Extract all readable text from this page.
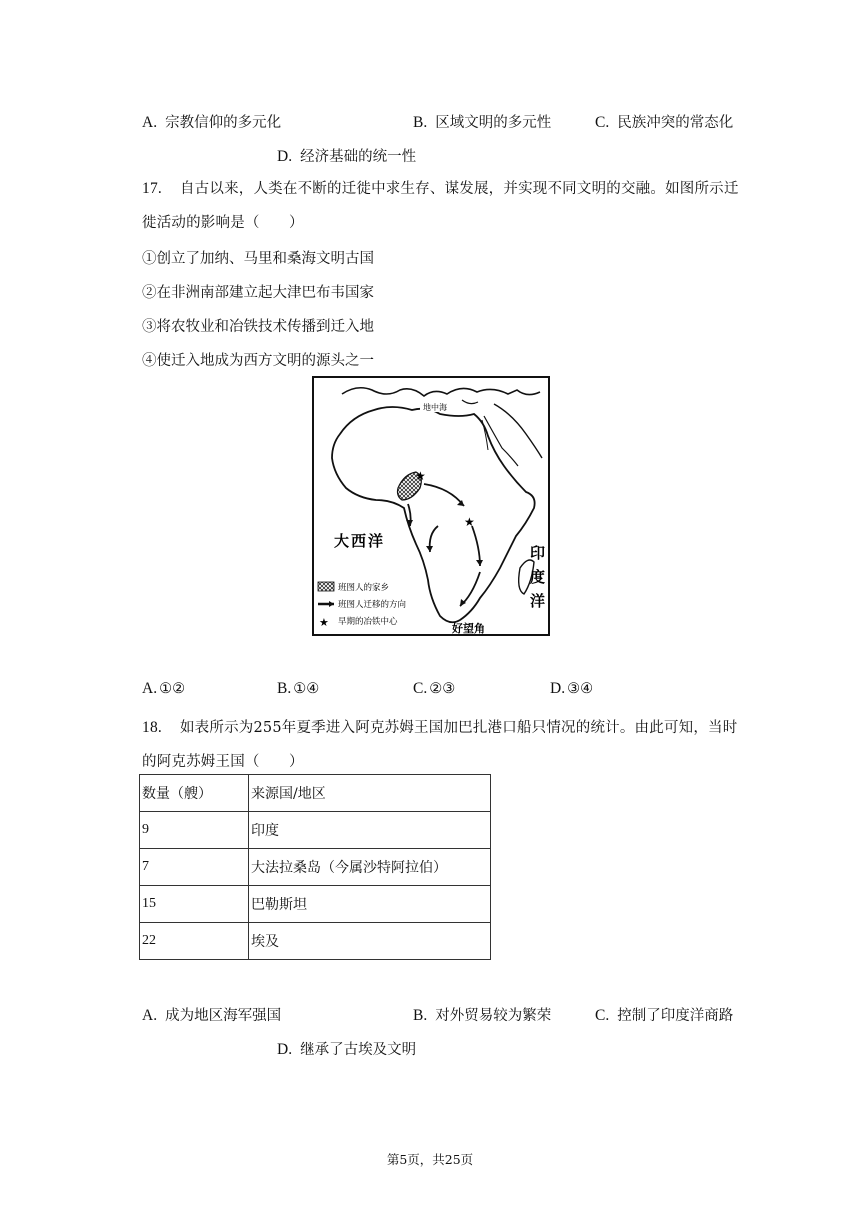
A. 宗教信仰的多元化	B. 区域文明的多元性	C. 民族冲突的常态化
D. 经济基础的统一性
17. 自古以来，人类在不断的迁徙中求生存、谋发展，并实现不同文明的交融。如图所示迁徙活动的影响是（　　）
①创立了加纳、马里和桑海文明古国
②在非洲南部建立起大津巴布韦国家
③将农牧业和冶铁技术传播到迁入地
④使迁入地成为西方文明的源头之一
★
★
地中海
大西洋
印
度
洋
好望角
班图人的家乡
班图人迁移的方向
★ 早期的冶铁中心
A. ①②	B. ①④	C. ②③	D. ③④
18. 如表所示为255年夏季进入阿克苏姆王国加巴扎港口船只情况的统计。由此可知，当时的阿克苏姆王国（　　）
数量（艘）	来源国/地区
9	印度
7	大法拉桑岛（今属沙特阿拉伯）
15	巴勒斯坦
22	埃及
A. 成为地区海军强国	B. 对外贸易较为繁荣	C. 控制了印度洋商路
D. 继承了古埃及文明
第5页，共25页
